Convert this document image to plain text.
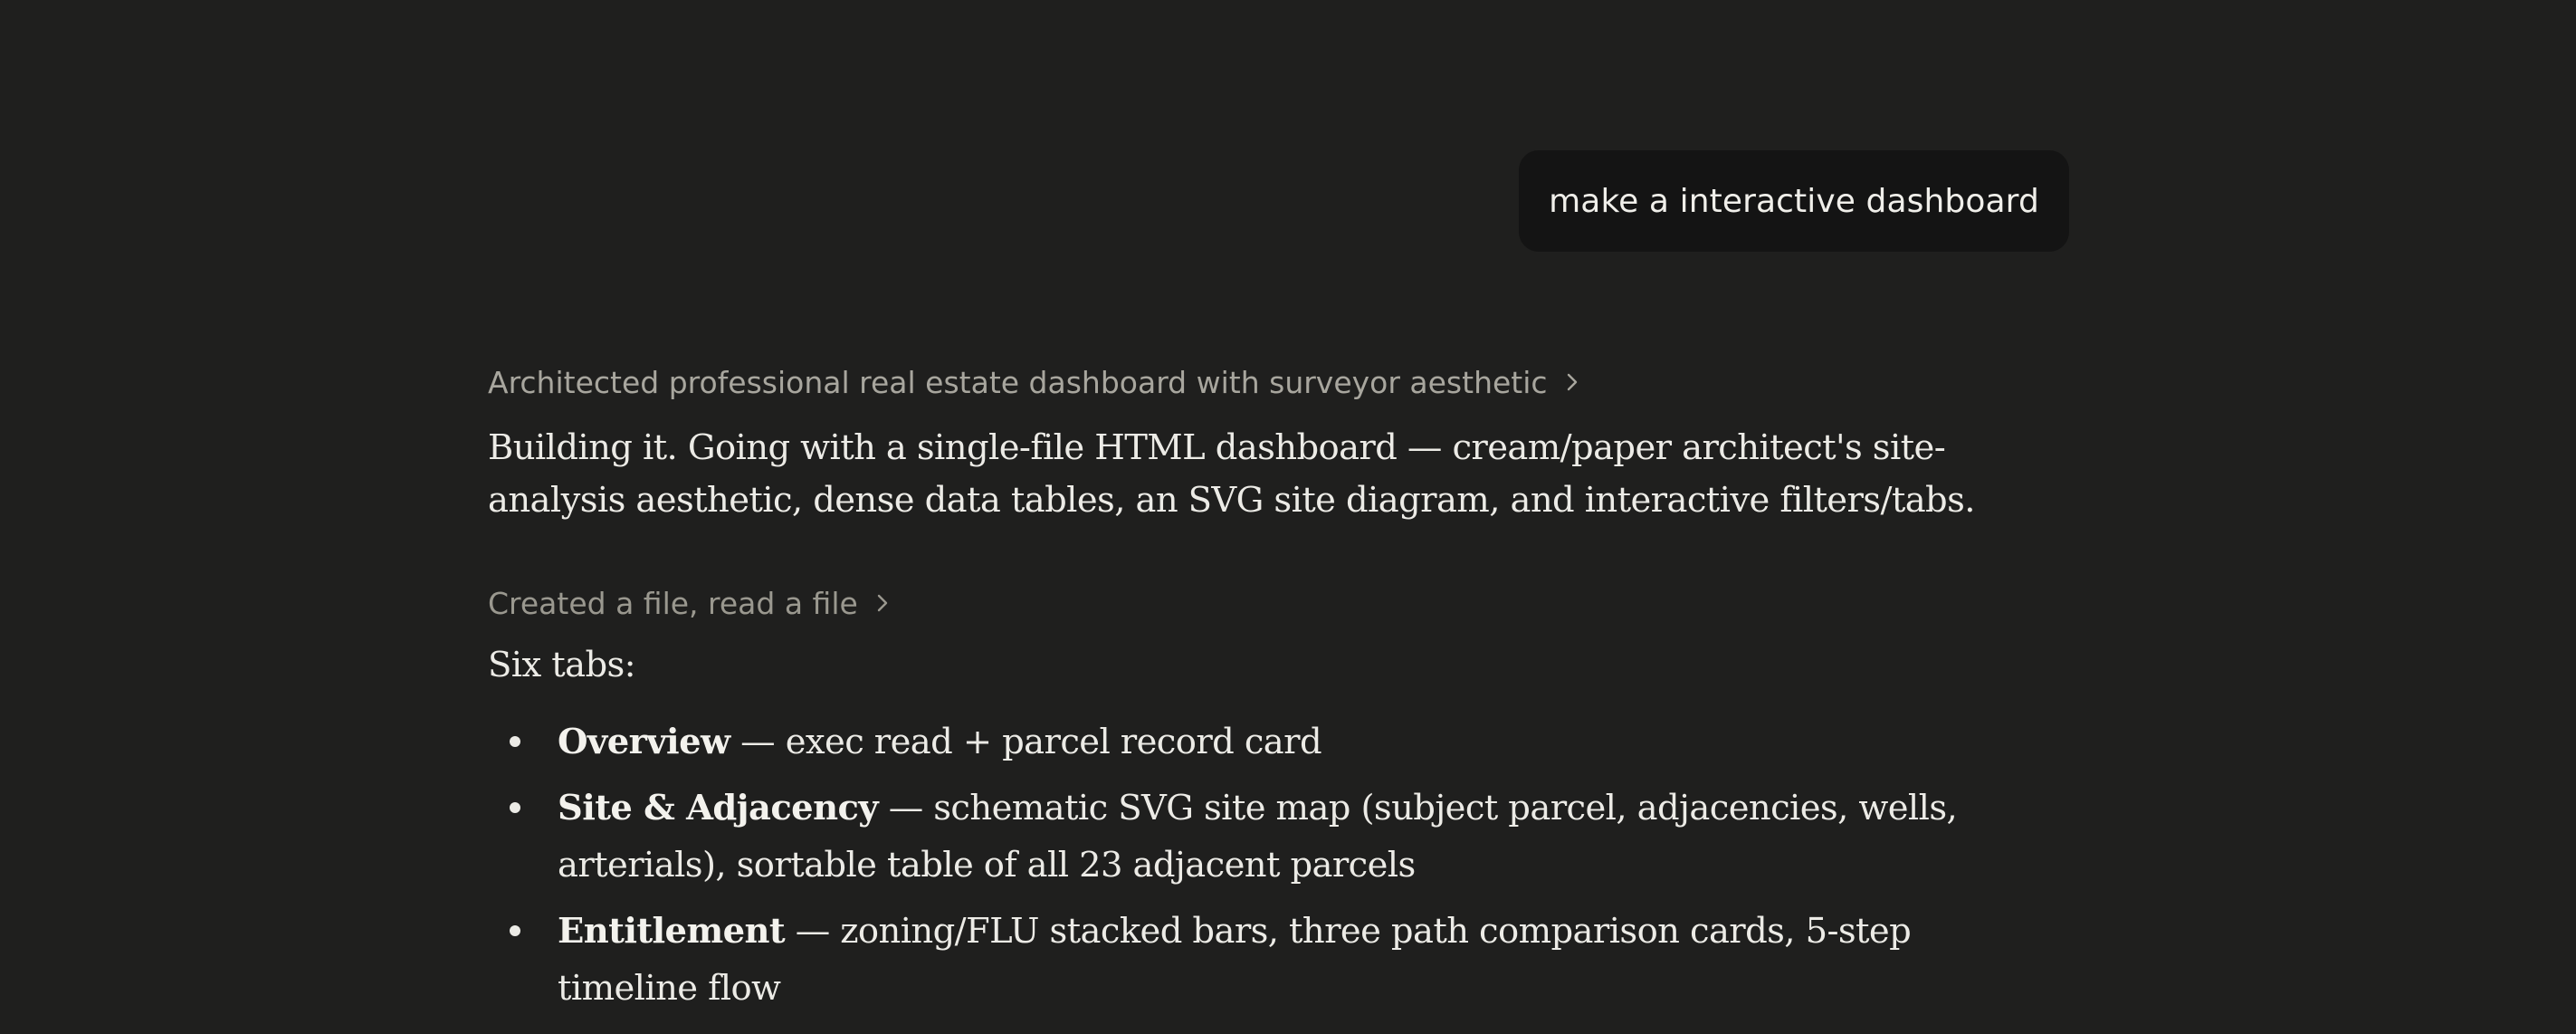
make a interactive dashboard
Architected professional real estate dashboard with surveyor aesthetic
Building it. Going with a single-file HTML dashboard — cream/paper architect's site-analysis aesthetic, dense data tables, an SVG site diagram, and interactive filters/tabs.
Created a file, read a file
Six tabs:
Overview — exec read + parcel record card
Site & Adjacency — schematic SVG site map (subject parcel, adjacencies, wells, arterials), sortable table of all 23 adjacent parcels
Entitlement — zoning/FLU stacked bars, three path comparison cards, 5-step timeline flow
